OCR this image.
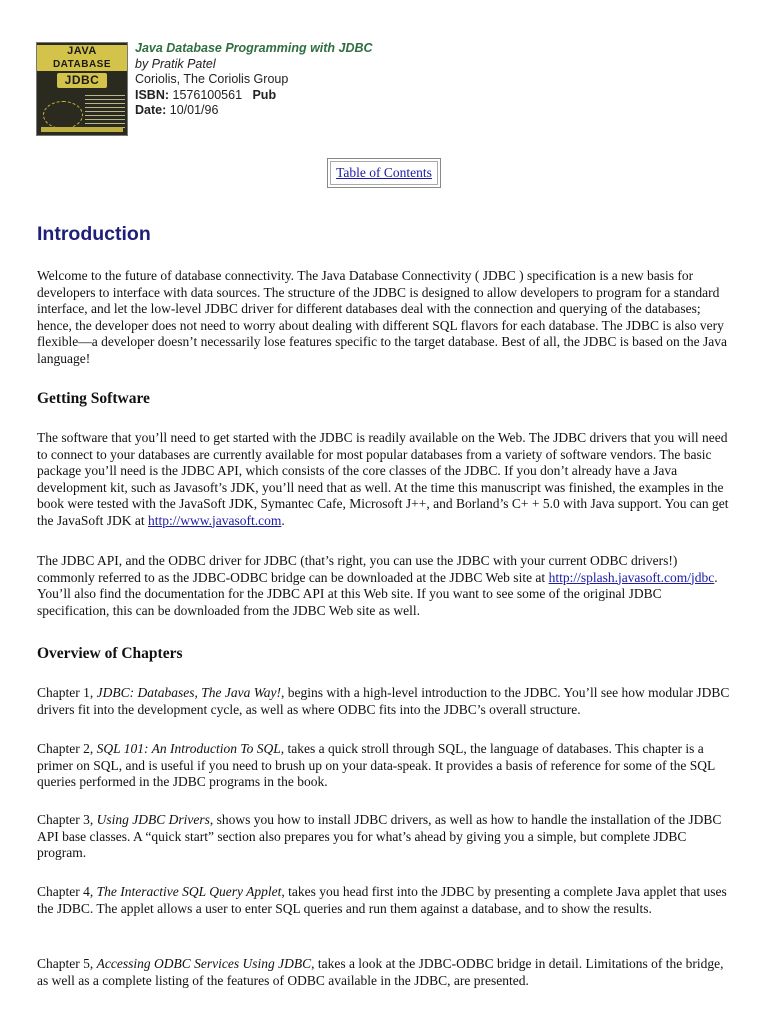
JAVA
DATABASE
JDBC
Java Database Programming with JDBC
by Pratik Patel
Coriolis, The Coriolis Group
ISBN: 1576100561 Pub
Date: 10/01/96
Table of Contents
Introduction

Welcome to the future of database connectivity. The Java Database Connectivity ( JDBC ) specification is a new basis for developers to interface with data sources. The structure of the JDBC is designed to allow developers to program for a standard interface, and let the low-level JDBC driver for different databases deal with the connection and querying of the databases; hence, the developer does not need to worry about dealing with different SQL flavors for each database. The JDBC is also very flexible—a developer doesn’t necessarily lose features specific to the target database. Best of all, the JDBC is based on the Java language!

Getting Software

The software that you’ll need to get started with the JDBC is readily available on the Web. The JDBC drivers that you will need to connect to your databases are currently available for most popular databases from a variety of software vendors. The basic package you’ll need is the JDBC API, which consists of the core classes of the JDBC. If you don’t already have a Java development kit, such as Javasoft’s JDK, you’ll need that as well. At the time this manuscript was finished, the examples in the book were tested with the JavaSoft JDK, Symantec Cafe, Microsoft J++, and Borland’s C+ + 5.0 with Java support. You can get the JavaSoft JDK at http://www.javasoft.com.

The JDBC API, and the ODBC driver for JDBC (that’s right, you can use the JDBC with your current ODBC drivers!) commonly referred to as the JDBC-ODBC bridge can be downloaded at the JDBC Web site at http://splash.javasoft.com/jdbc. You’ll also find the documentation for the JDBC API at this Web site. If you want to see some of the original JDBC specification, this can be downloaded from the JDBC Web site as well.

Overview of Chapters

Chapter 1, JDBC: Databases, The Java Way!, begins with a high-level introduction to the JDBC. You’ll see how modular JDBC drivers fit into the development cycle, as well as where ODBC fits into the JDBC’s overall structure.

Chapter 2, SQL 101: An Introduction To SQL, takes a quick stroll through SQL, the language of databases. This chapter is a primer on SQL, and is useful if you need to brush up on your data-speak. It provides a basis of reference for some of the SQL queries performed in the JDBC programs in the book.

Chapter 3, Using JDBC Drivers, shows you how to install JDBC drivers, as well as how to handle the installation of the JDBC API base classes. A “quick start” section also prepares you for what’s ahead by giving you a simple, but complete JDBC program.

Chapter 4, The Interactive SQL Query Applet, takes you head first into the JDBC by presenting a complete Java applet that uses the JDBC. The applet allows a user to enter SQL queries and run them against a database, and to show the results.

Chapter 5, Accessing ODBC Services Using JDBC, takes a look at the JDBC-ODBC bridge in detail. Limitations of the bridge, as well as a complete listing of the features of ODBC available in the JDBC, are presented.
